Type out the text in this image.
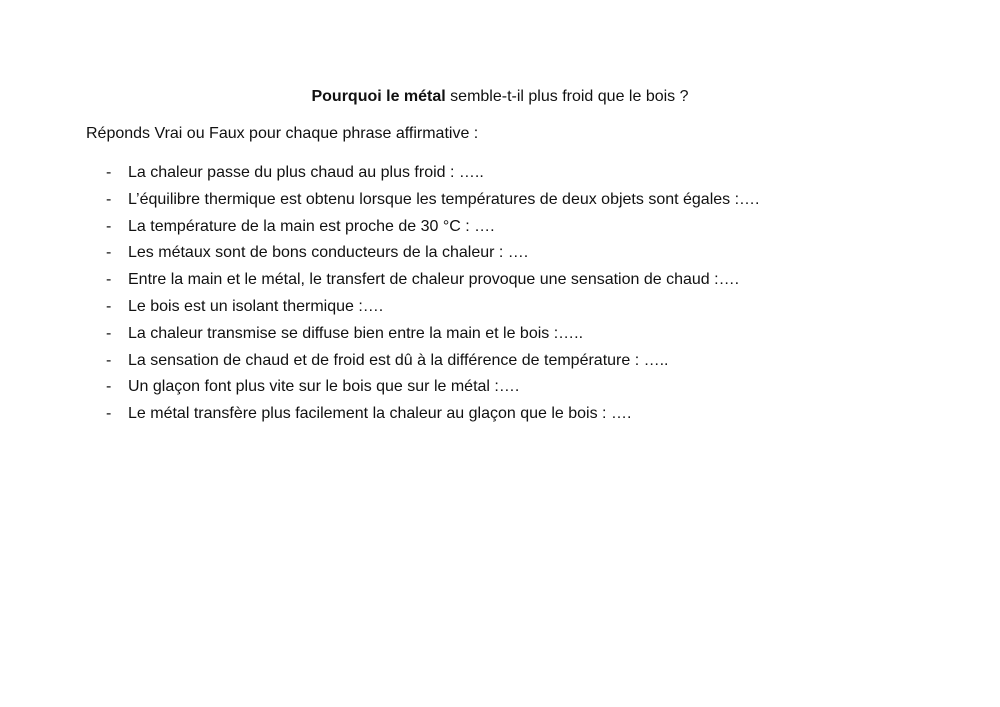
Pourquoi le métal semble-t-il plus froid que le bois ?
Réponds Vrai ou Faux pour chaque phrase affirmative :
- La chaleur passe du plus chaud au plus froid : …..
- L’équilibre thermique est obtenu lorsque les températures de deux objets sont égales :….
- La température de la main est proche de 30 °C : ….
- Les métaux sont de bons conducteurs de la chaleur : ….
- Entre la main et le métal, le transfert de chaleur provoque une sensation de chaud :….
- Le bois est un isolant thermique :….
- La chaleur transmise se diffuse bien entre la main et le bois :…..
- La sensation de chaud et de froid est dû à la différence de température : …..
- Un glaçon font plus vite sur le bois que sur le métal :….
- Le métal transfère plus facilement la chaleur au glaçon que le bois : ….
